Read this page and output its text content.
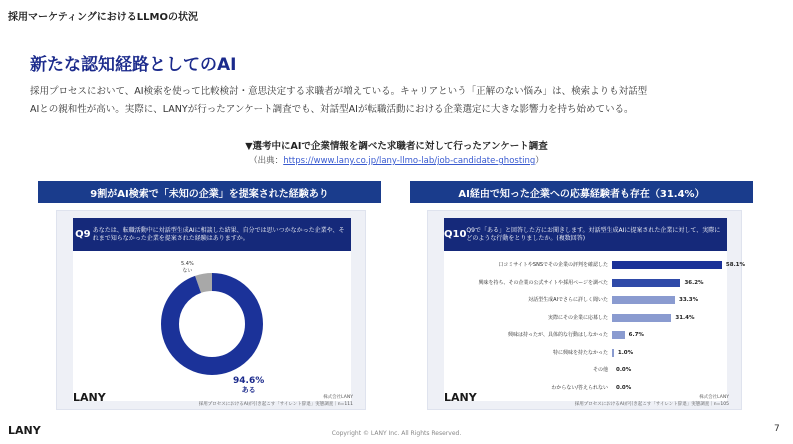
採用マーケティングにおけるLLMOの状況
新たな認知経路としてのAI
採用プロセスにおいて、AI検索を使って比較検討・意思決定する求職者が増えている。キャリアという「正解のない悩み」は、検索よりも対話型
AIとの親和性が高い。実際に、LANYが行ったアンケート調査でも、対話型AIが転職活動における企業選定に大きな影響力を持ち始めている。
▼選考中にAIで企業情報を調べた求職者に対して行ったアンケート調査
（出典：https://www.lany.co.jp/lany-llmo-lab/job-candidate-ghosting）
9割がAI検索で「未知の企業」を提案された経験あり	AI経由で知った企業への応募経験者も存在（31.4%）
Q9 あなたは、転職活動中に対話型生成AIに相談した結果、自分では思いつかなかった企業や、それまで知らなかった企業を提案された経験はありますか。
5.4%
ない
94.6%
ある
LANY	株式会社LANY
採用プロセスにおけるAIが引き起こす「サイレント辞退」実態調査｜n=111
Q10 Q9で「ある」と回答した方にお聞きします。対話型生成AIに提案された企業に対して、実際にどのような行動をとりましたか。(複数回答)
口コミサイトやSNSでその企業の評判を確認した	58.1%
興味を持ち、その企業の公式サイトや採用ページを調べた	36.2%
対話型生成AIでさらに詳しく聞いた	33.3%
実際にその企業に応募した	31.4%
興味は持ったが、具体的な行動はしなかった	6.7%
特に興味を持たなかった 1.0%
その他 0.0%
わからない/答えられない 0.0%
LANY	株式会社LANY
採用プロセスにおけるAIが引き起こす「サイレント辞退」実態調査｜n=105
LANY	Copyright © LANY Inc. All Rights Reserved.	7
